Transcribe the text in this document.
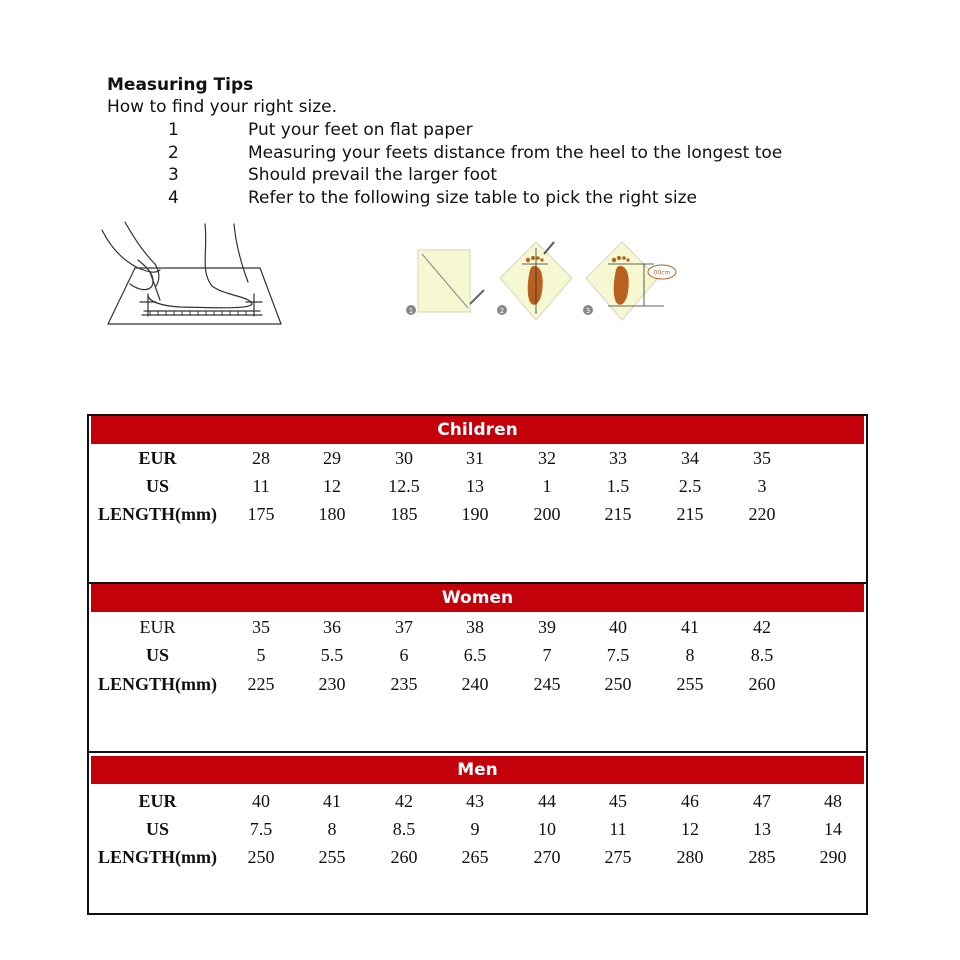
Measuring Tips
How to find your right size.
1	Put your feet on flat paper
2	Measuring your feets distance from the heel to the longest toe
3	Should prevail the larger foot
4	Refer to the following size table to pick the right size
1	2
00cm
3
Children
EUR	28	29	30	31	32	33	34	35
US	11	12	12.5	13	1	1.5	2.5	3
LENGTH(mm)	175	180	185	190	200	215	215	220
Women
EUR	35	36	37	38	39	40	41	42
US	5	5.5	6	6.5	7	7.5	8	8.5
LENGTH(mm)	225	230	235	240	245	250	255	260
Men
EUR	40	41	42	43	44	45	46	47	48
US	7.5	8	8.5	9	10	11	12	13	14
LENGTH(mm)	250	255	260	265	270	275	280	285	290
